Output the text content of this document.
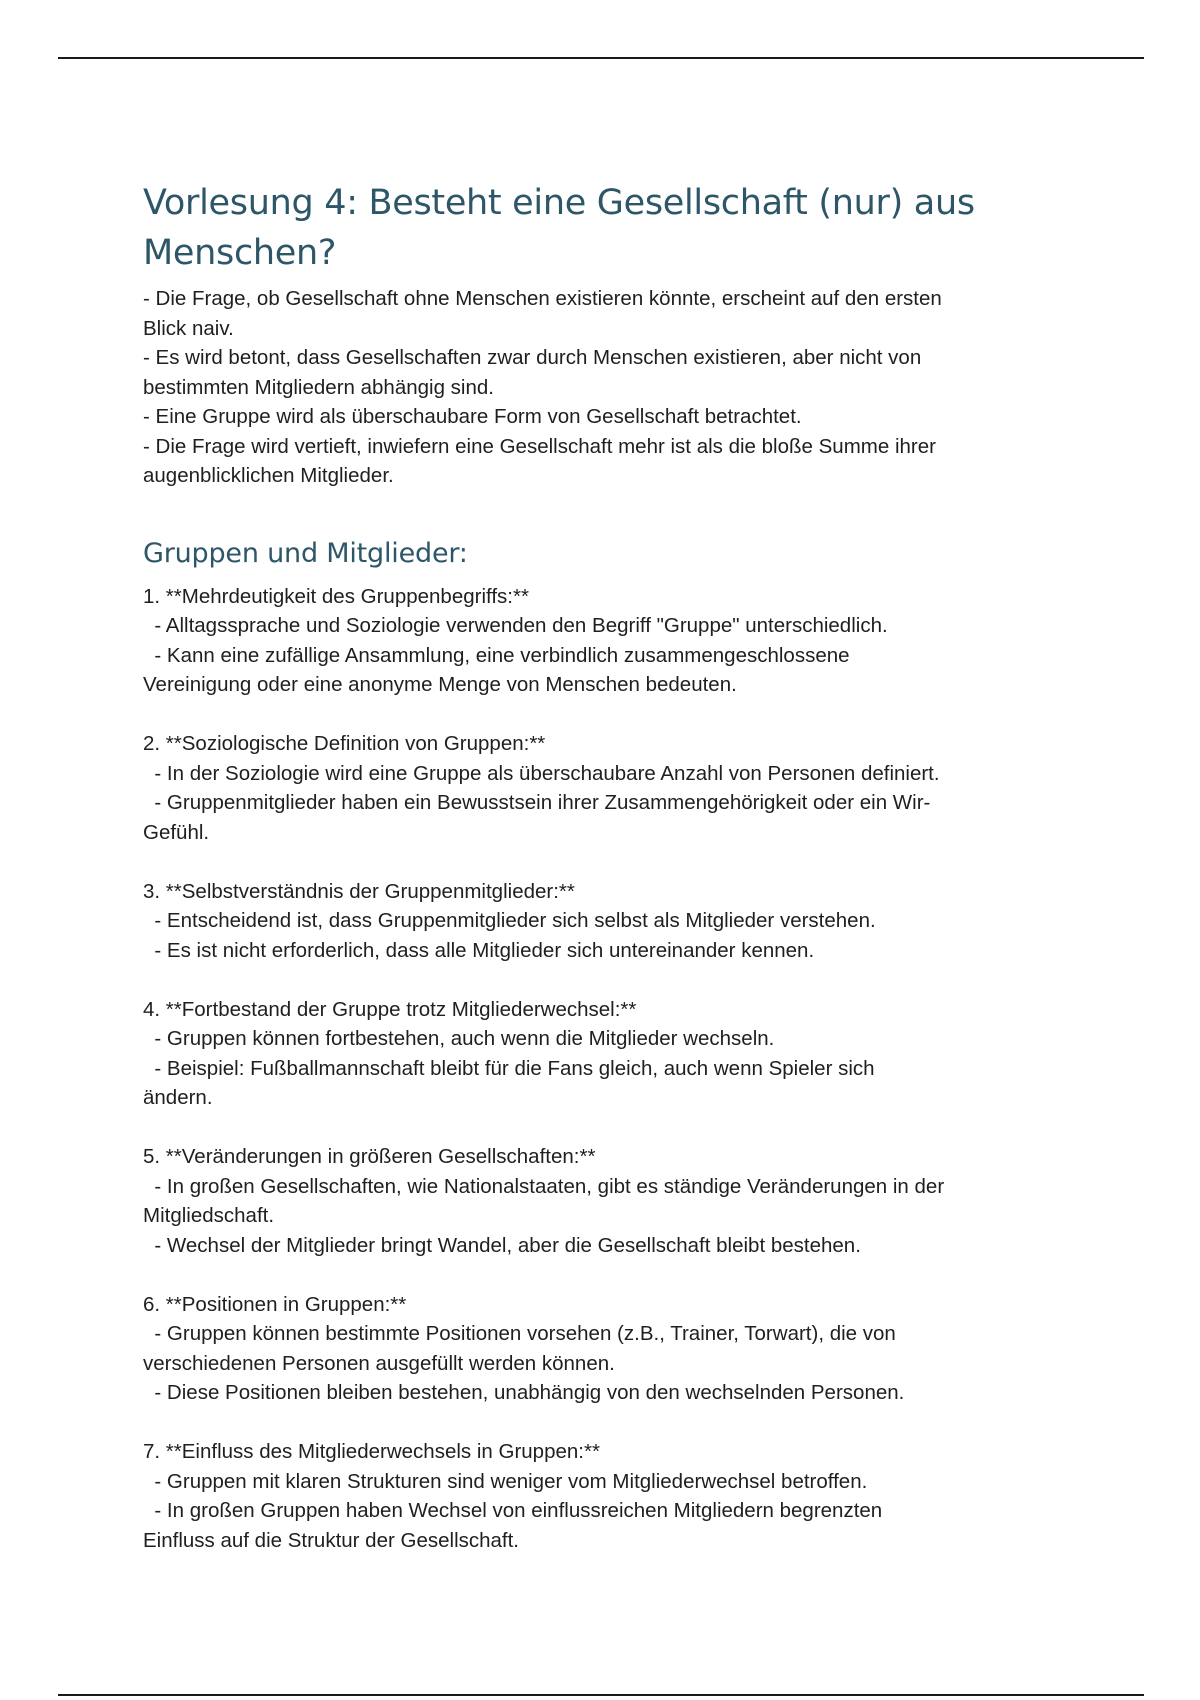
Vorlesung 4: Besteht eine Gesellschaft (nur) aus
Menschen?
- Die Frage, ob Gesellschaft ohne Menschen existieren könnte, erscheint auf den ersten
Blick naiv.
- Es wird betont, dass Gesellschaften zwar durch Menschen existieren, aber nicht von
bestimmten Mitgliedern abhängig sind.
- Eine Gruppe wird als überschaubare Form von Gesellschaft betrachtet.
- Die Frage wird vertieft, inwiefern eine Gesellschaft mehr ist als die bloße Summe ihrer
augenblicklichen Mitglieder.
Gruppen und Mitglieder:
1. **Mehrdeutigkeit des Gruppenbegriffs:**
- Alltagssprache und Soziologie verwenden den Begriff "Gruppe" unterschiedlich.
- Kann eine zufällige Ansammlung, eine verbindlich zusammengeschlossene
Vereinigung oder eine anonyme Menge von Menschen bedeuten.
2. **Soziologische Definition von Gruppen:**
- In der Soziologie wird eine Gruppe als überschaubare Anzahl von Personen definiert.
- Gruppenmitglieder haben ein Bewusstsein ihrer Zusammengehörigkeit oder ein Wir-
Gefühl.
3. **Selbstverständnis der Gruppenmitglieder:**
- Entscheidend ist, dass Gruppenmitglieder sich selbst als Mitglieder verstehen.
- Es ist nicht erforderlich, dass alle Mitglieder sich untereinander kennen.
4. **Fortbestand der Gruppe trotz Mitgliederwechsel:**
- Gruppen können fortbestehen, auch wenn die Mitglieder wechseln.
- Beispiel: Fußballmannschaft bleibt für die Fans gleich, auch wenn Spieler sich
ändern.
5. **Veränderungen in größeren Gesellschaften:**
- In großen Gesellschaften, wie Nationalstaaten, gibt es ständige Veränderungen in der
Mitgliedschaft.
- Wechsel der Mitglieder bringt Wandel, aber die Gesellschaft bleibt bestehen.
6. **Positionen in Gruppen:**
- Gruppen können bestimmte Positionen vorsehen (z.B., Trainer, Torwart), die von
verschiedenen Personen ausgefüllt werden können.
- Diese Positionen bleiben bestehen, unabhängig von den wechselnden Personen.
7. **Einfluss des Mitgliederwechsels in Gruppen:**
- Gruppen mit klaren Strukturen sind weniger vom Mitgliederwechsel betroffen.
- In großen Gruppen haben Wechsel von einflussreichen Mitgliedern begrenzten
Einfluss auf die Struktur der Gesellschaft.
